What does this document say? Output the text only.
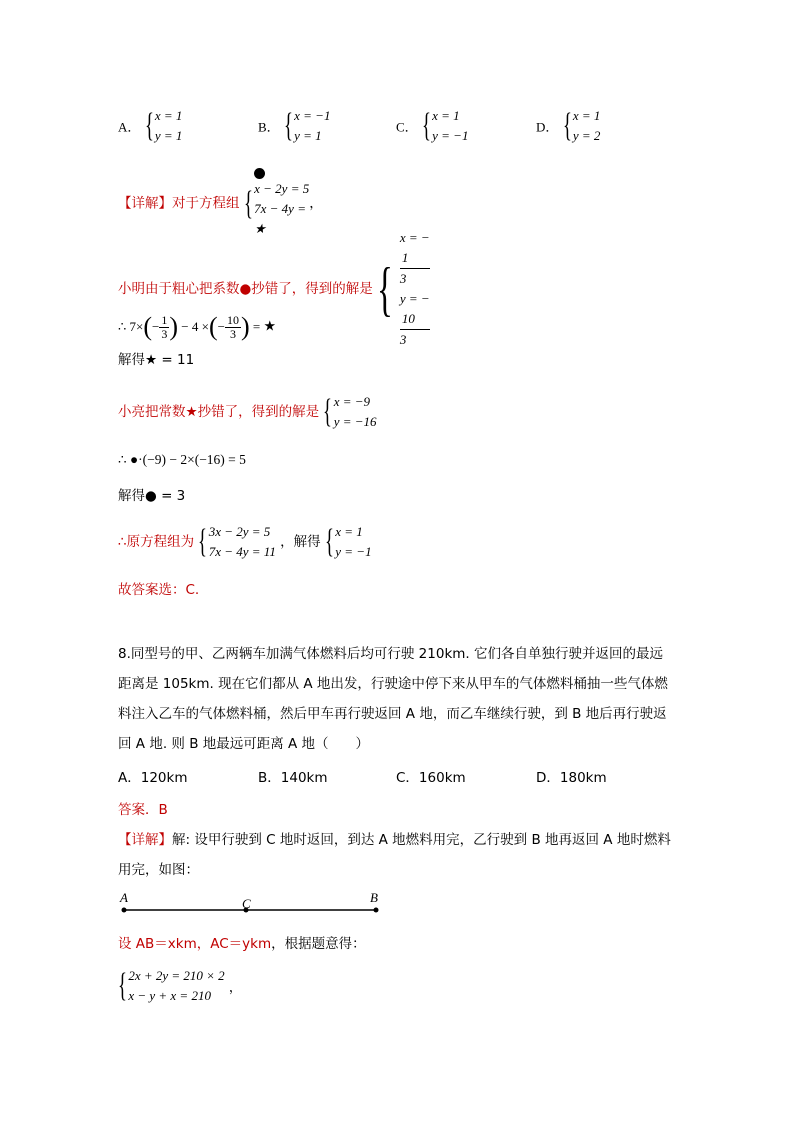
A． { x = 1
y = 1
B． { x = −1
y = 1
C． { x = 1
y = −1
D． { x = 1
y = 2
【详解】对于方程组 { x − 2y = 5
7x − 4y =
★
，
小明由于粗心把系数●抄错了，得到的解是 {
x = −
1
3
y = −
10
3
∴ $7\times(- \frac{1}{3}$ ) − 4 ×(− $\frac{10}{3}$ ) = ★
解得★ = 11
小亮把常数★抄错了，得到的解是 { x = −9
y = −16
∴ ●·(−9) − 2×(−16) = 5
解得● = 3
∴原方程组为 { 3x − 2y = 5
7x − 4y = 11
，解得 { x = 1
y = −1
故答案选：C.
8.同型号的甲、乙两辆车加满气体燃料后均可行驶 210km. 它们各自单独行驶并返回的最远
距离是 105km. 现在它们都从 A 地出发，行驶途中停下来从甲车的气体燃料桶抽一些气体燃
料注入乙车的气体燃料桶，然后甲车再行驶返回 A 地，而乙车继续行驶，到 B 地后再行驶返
回 A 地. 则 B 地最远可距离 A 地（　　）
A．120km	B．140km	C．160km	D．180km
答案．B
【详解】解: 设甲行驶到 C 地时返回，到达 A 地燃料用完，乙行驶到 B 地再返回 A 地时燃料
用完，如图：
A	C	B
设 AB＝xkm，AC＝ykm，根据题意得：
{ 2x + 2y = 210 × 2
x − y + x = 210	，
